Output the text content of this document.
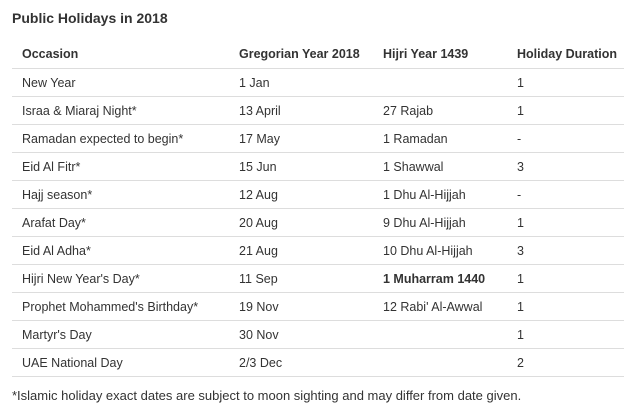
Public Holidays in 2018
Occasion	Gregorian Year 2018	Hijri Year 1439	Holiday Duration
New Year	1 Jan		1
Israa & Miaraj Night*	13 April	27 Rajab	1
Ramadan expected to begin*	17 May	1 Ramadan	-
Eid Al Fitr*	15 Jun	1 Shawwal	3
Hajj season*	12 Aug	1 Dhu Al-Hijjah	-
Arafat Day*	20 Aug	9 Dhu Al-Hijjah	1
Eid Al Adha*	21 Aug	10 Dhu Al-Hijjah	3
Hijri New Year's Day*	11 Sep	1 Muharram 1440	1
Prophet Mohammed's Birthday*	19 Nov	12 Rabi' Al-Awwal	1
Martyr's Day	30 Nov		1
UAE National Day	2/3 Dec		2
*Islamic holiday exact dates are subject to moon sighting and may differ from date given.
